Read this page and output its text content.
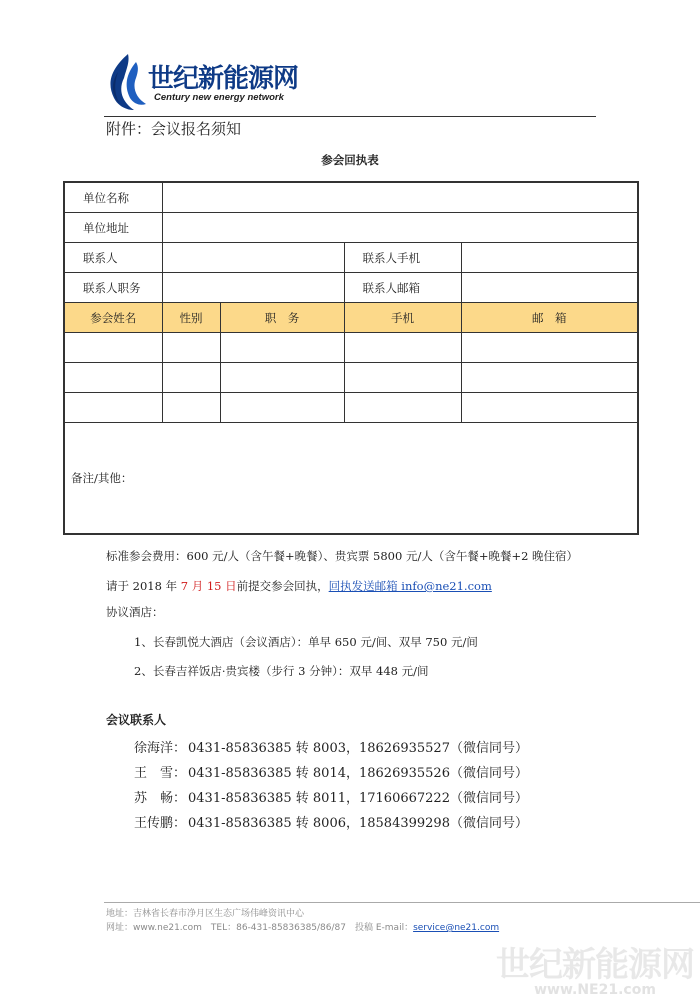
世纪新能源网
Century new energy network
附件：会议报名须知
参会回执表
单位名称				
单位地址				
联系人			联系人手机	
联系人职务			联系人邮箱	
参会姓名	性别	职　务	手机	邮　箱

备注/其他：				
标准参会费用：600 元/人（含午餐+晚餐）、贵宾票 5800 元/人（含午餐+晚餐+2 晚住宿）
请于 2018 年 7 月 15 日前提交参会回执，回执发送邮箱 info@ne21.com
协议酒店：
1、长春凯悦大酒店（会议酒店）：单早 650 元/间、双早 750 元/间
2、长春吉祥饭店·贵宾楼（步行 3 分钟）：双早 448 元/间
会议联系人
徐海洋： 0431-85836385 转 8003，18626935527（微信同号）
王　雪： 0431-85836385 转 8014，18626935526（微信同号）
苏　畅： 0431-85836385 转 8011，17160667222（微信同号）
王传鹏： 0431-85836385 转 8006，18584399298（微信同号）
地址：吉林省长春市净月区生态广场伟峰资讯中心
网址：www.ne21.com　TEL：86-431-85836385/86/87　投稿 E-mail：service@ne21.com
世纪新能源网
www.NE21.com
